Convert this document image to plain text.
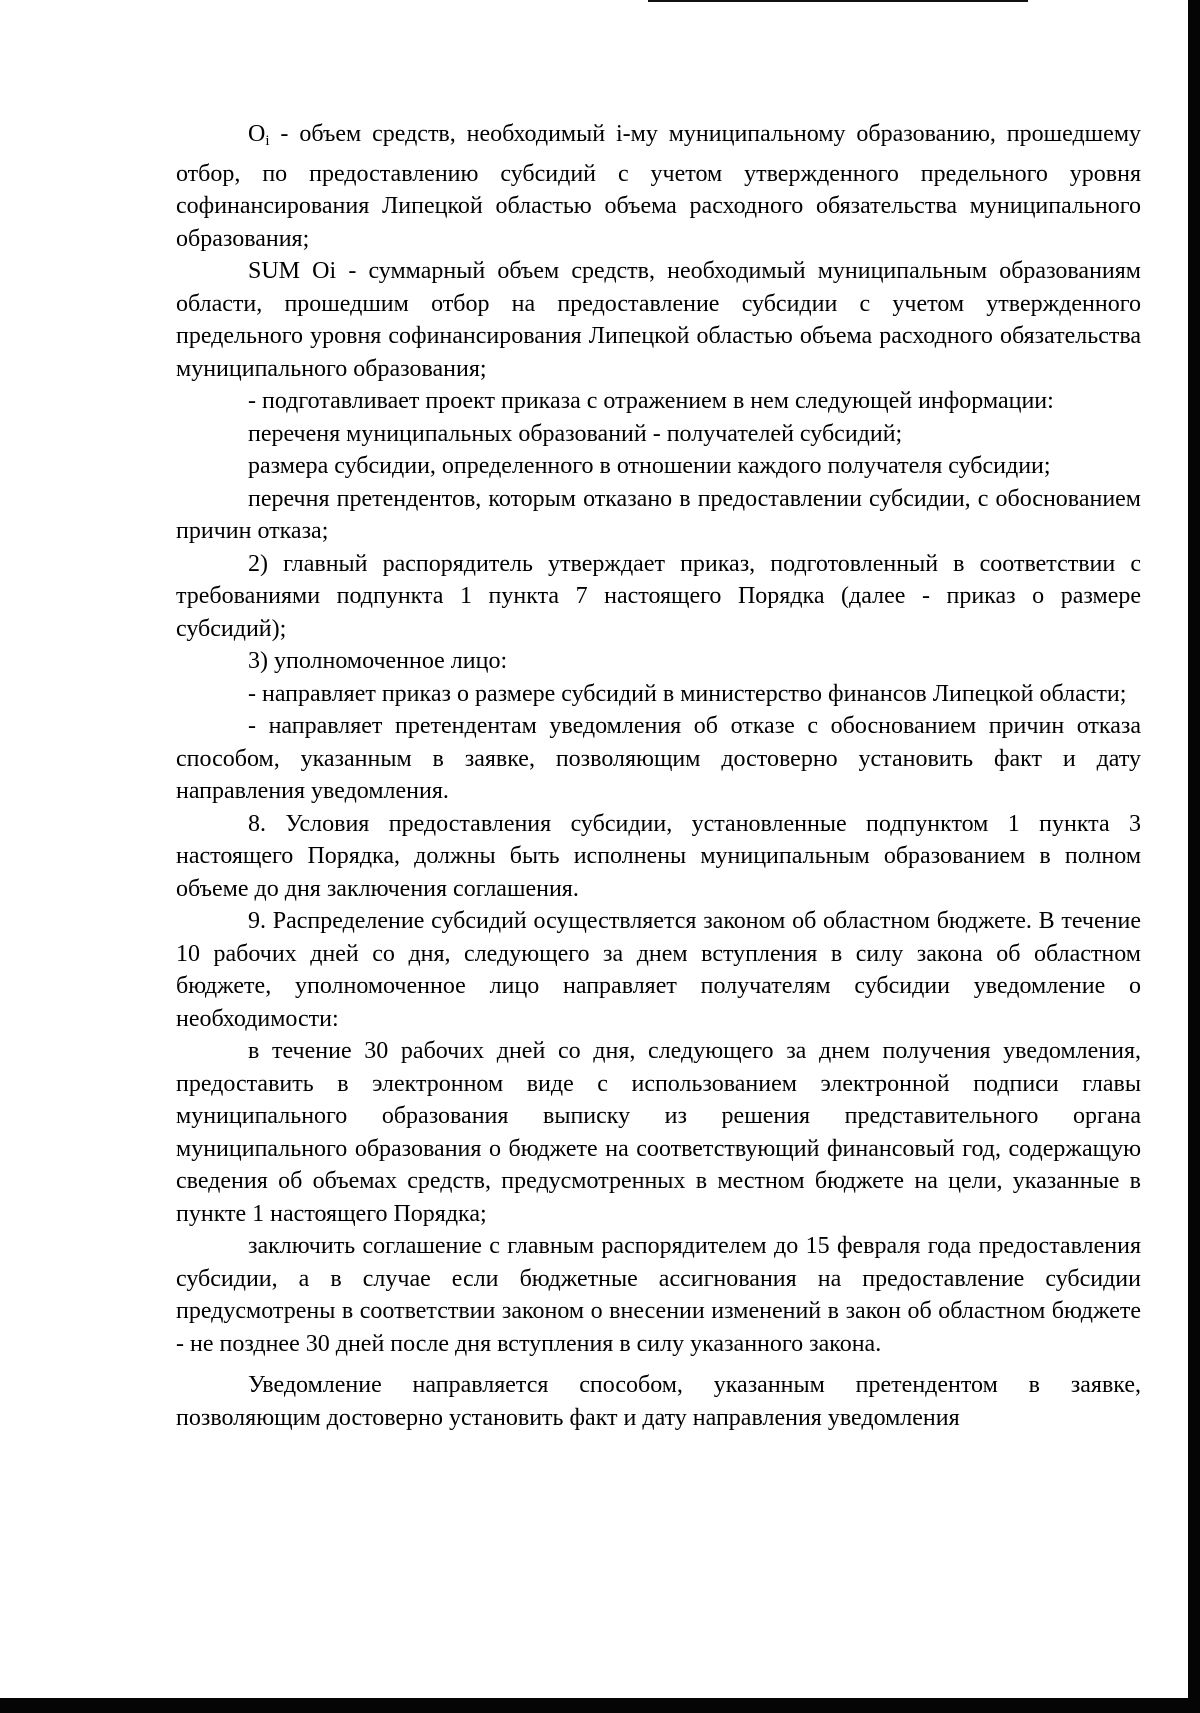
$O_i$ - объем средств, необходимый i-му муниципальному образованию, прошедшему отбор, по предоставлению субсидий с учетом утвержденного предельного уровня софинансирования Липецкой областью объема расходного обязательства муниципального образования;

SUM Oi - суммарный объем средств, необходимый муниципальным образованиям области, прошедшим отбор на предоставление субсидии с учетом утвержденного предельного уровня софинансирования Липецкой областью объема расходного обязательства муниципального образования;

- подготавливает проект приказа с отражением в нем следующей информации:

переченя муниципальных образований - получателей субсидий;

размера субсидии, определенного в отношении каждого получателя субсидии;

перечня претендентов, которым отказано в предоставлении субсидии, с обоснованием причин отказа;

2) главный распорядитель утверждает приказ, подготовленный в соответствии с требованиями подпункта 1 пункта 7 настоящего Порядка (далее - приказ о размере субсидий);

3) уполномоченное лицо:

- направляет приказ о размере субсидий в министерство финансов Липецкой области;

- направляет претендентам уведомления об отказе с обоснованием причин отказа способом, указанным в заявке, позволяющим достоверно установить факт и дату направления уведомления.

8. Условия предоставления субсидии, установленные подпунктом 1 пункта 3 настоящего Порядка, должны быть исполнены муниципальным образованием в полном объеме до дня заключения соглашения.

9. Распределение субсидий осуществляется законом об областном бюджете. В течение 10 рабочих дней со дня, следующего за днем вступления в силу закона об областном бюджете, уполномоченное лицо направляет получателям субсидии уведомление о необходимости:

в течение 30 рабочих дней со дня, следующего за днем получения уведомления, предоставить в электронном виде с использованием электронной подписи главы муниципального образования выписку из решения представительного органа муниципального образования о бюджете на соответствующий финансовый год, содержащую сведения об объемах средств, предусмотренных в местном бюджете на цели, указанные в пункте 1 настоящего Порядка;

заключить соглашение с главным распорядителем до 15 февраля года предоставления субсидии, а в случае если бюджетные ассигнования на предоставление субсидии предусмотрены в соответствии законом о внесении изменений в закон об областном бюджете - не позднее 30 дней после дня вступления в силу указанного закона.

Уведомление направляется способом, указанным претендентом в заявке, позволяющим достоверно установить факт и дату направления уведомления
